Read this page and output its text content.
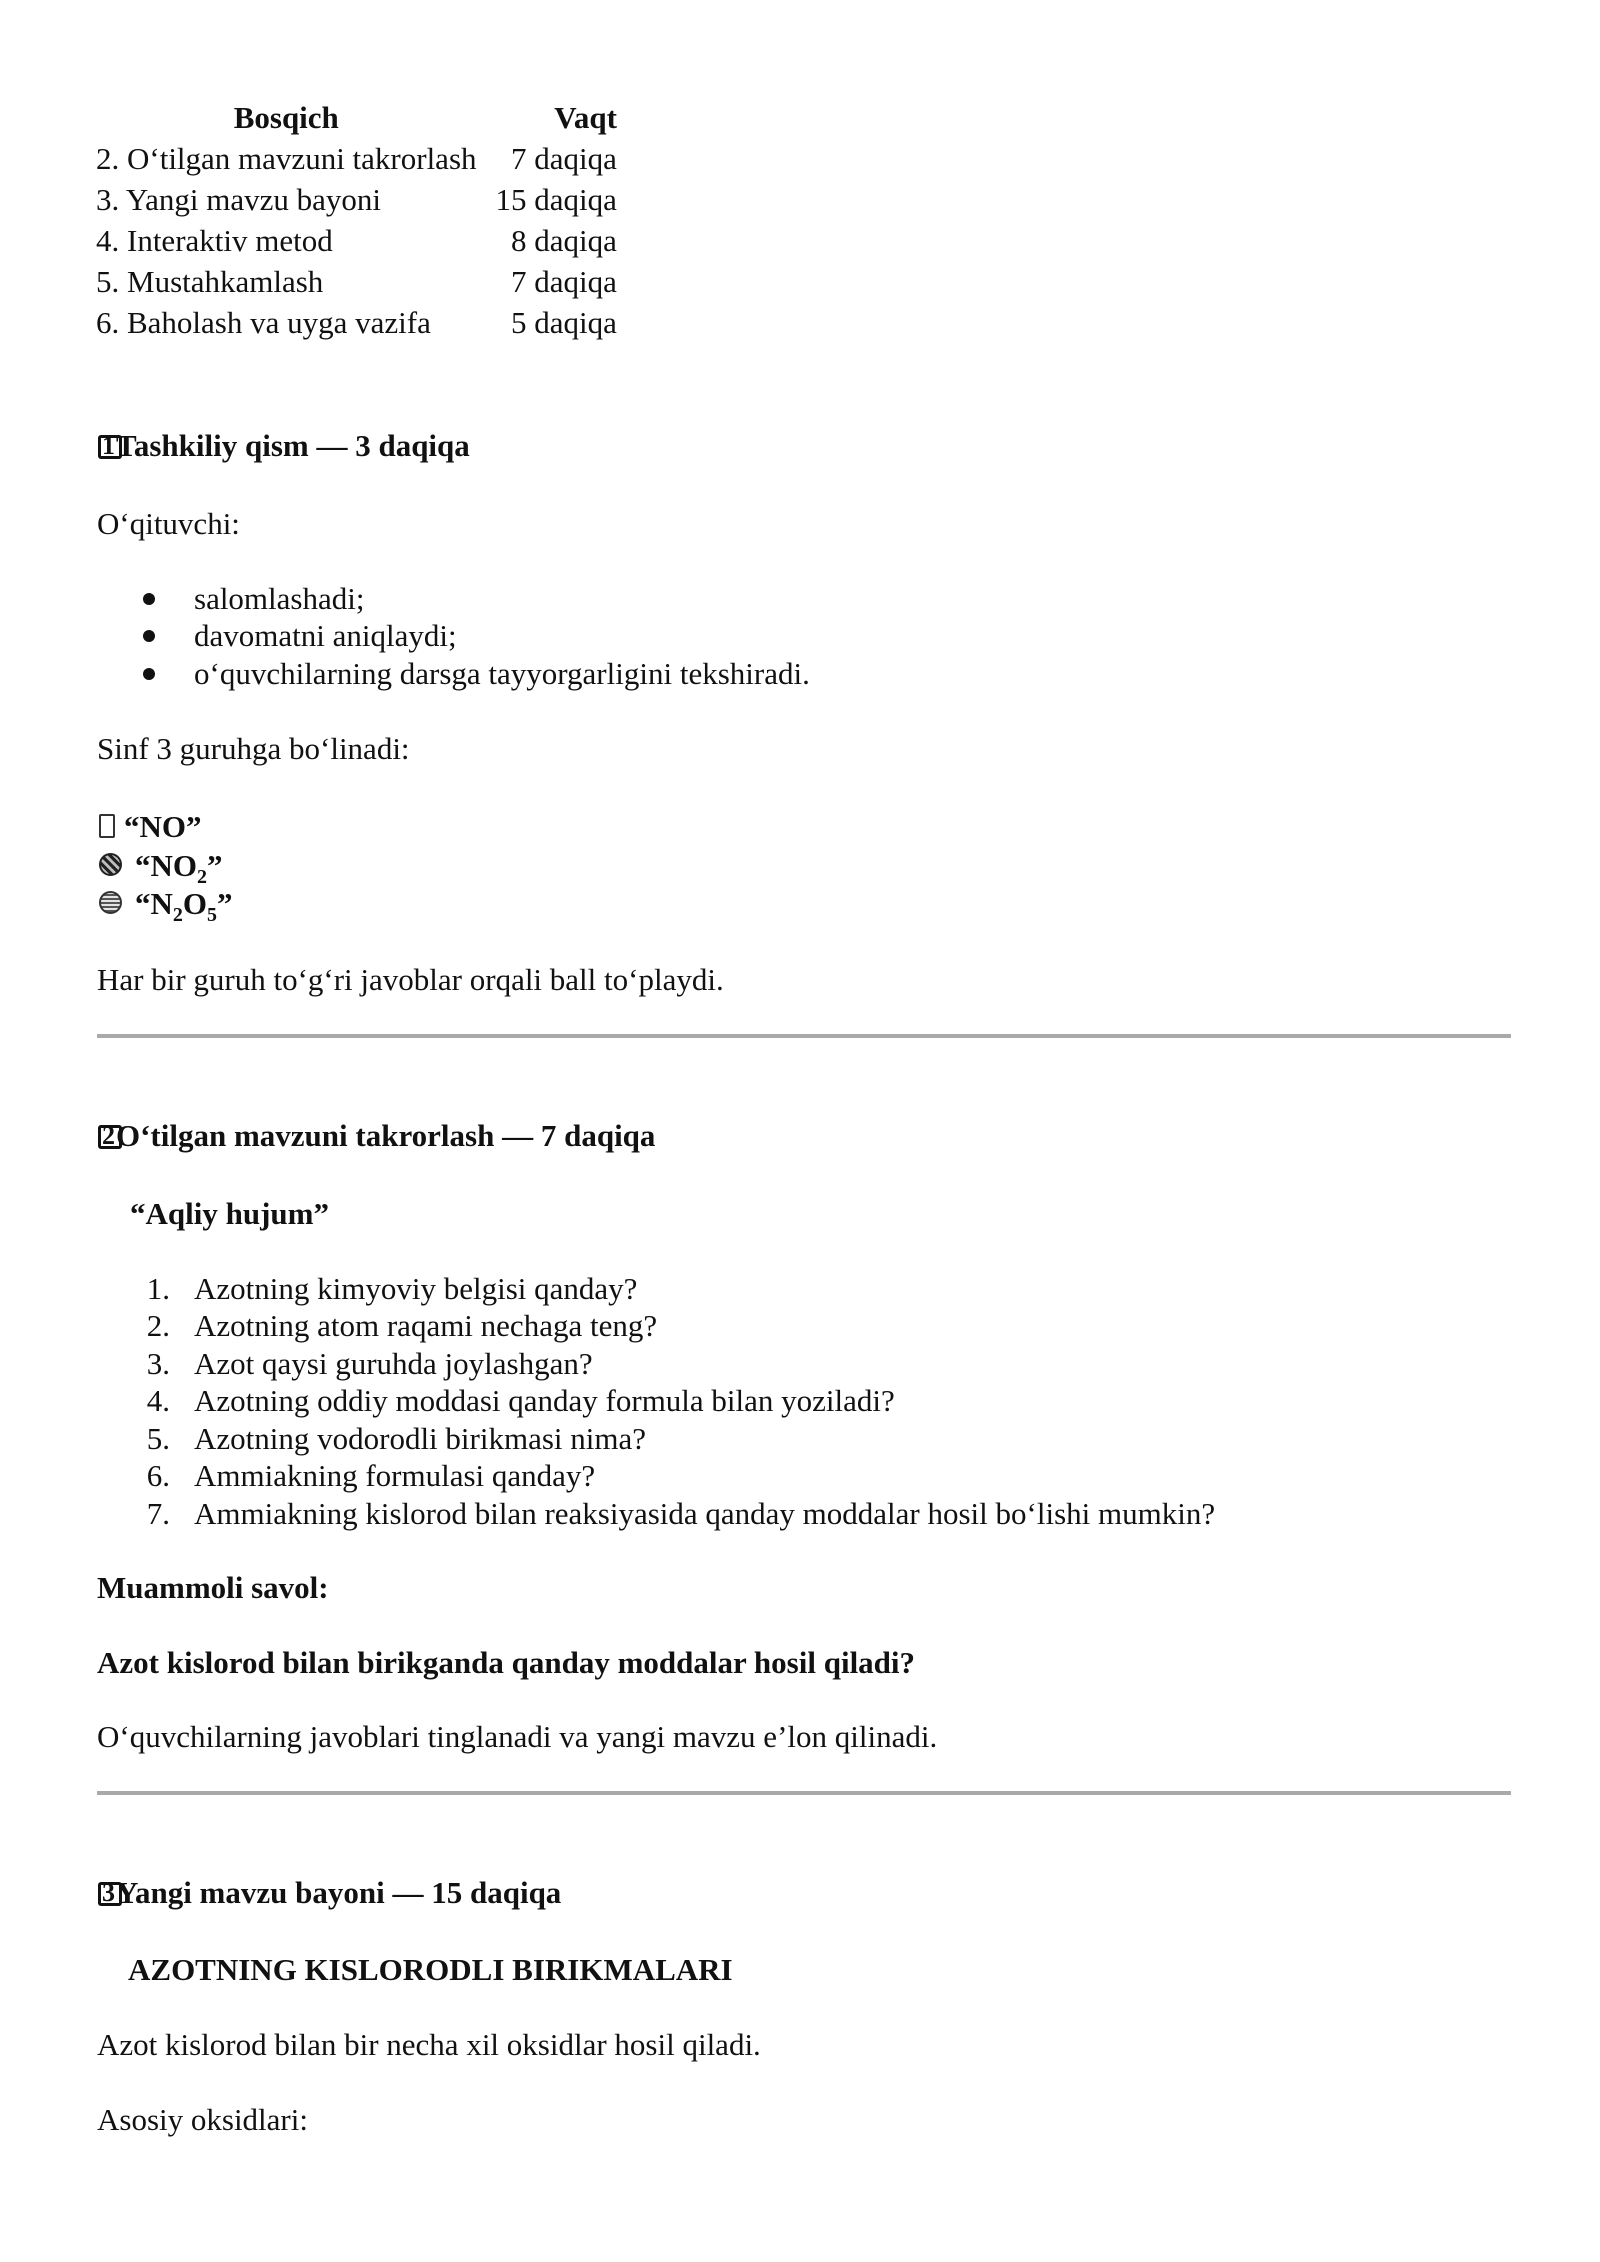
Bosqich	Vaqt
2. O‘tilgan mavzuni takrorlash	7 daqiqa
3. Yangi mavzu bayoni	15 daqiqa
4. Interaktiv metod	8 daqiqa
5. Mustahkamlash	7 daqiqa
6. Baholash va uyga vazifa	5 daqiqa
1 Tashkiliy qism — 3 daqiqa
O‘qituvchi:
salomlashadi;
davomatni aniqlaydi;
o‘quvchilarning darsga tayyorgarligini tekshiradi.
Sinf 3 guruhga bo‘linadi:
“NO”
“$NO_2$”
“$N_2O_5$”
Har bir guruh to‘g‘ri javoblar orqali ball to‘playdi.
2 O‘tilgan mavzuni takrorlash — 7 daqiqa
“Aqliy hujum”
1. Azotning kimyoviy belgisi qanday?
2. Azotning atom raqami nechaga teng?
3. Azot qaysi guruhda joylashgan?
4. Azotning oddiy moddasi qanday formula bilan yoziladi?
5. Azotning vodorodli birikmasi nima?
6. Ammiakning formulasi qanday?
7. Ammiakning kislorod bilan reaksiyasida qanday moddalar hosil bo‘lishi mumkin?
Muammoli savol:
Azot kislorod bilan birikganda qanday moddalar hosil qiladi?
O‘quvchilarning javoblari tinglanadi va yangi mavzu e’lon qilinadi.
3 Yangi mavzu bayoni — 15 daqiqa
AZOTNING KISLORODLI BIRIKMALARI
Azot kislorod bilan bir necha xil oksidlar hosil qiladi.
Asosiy oksidlari:
